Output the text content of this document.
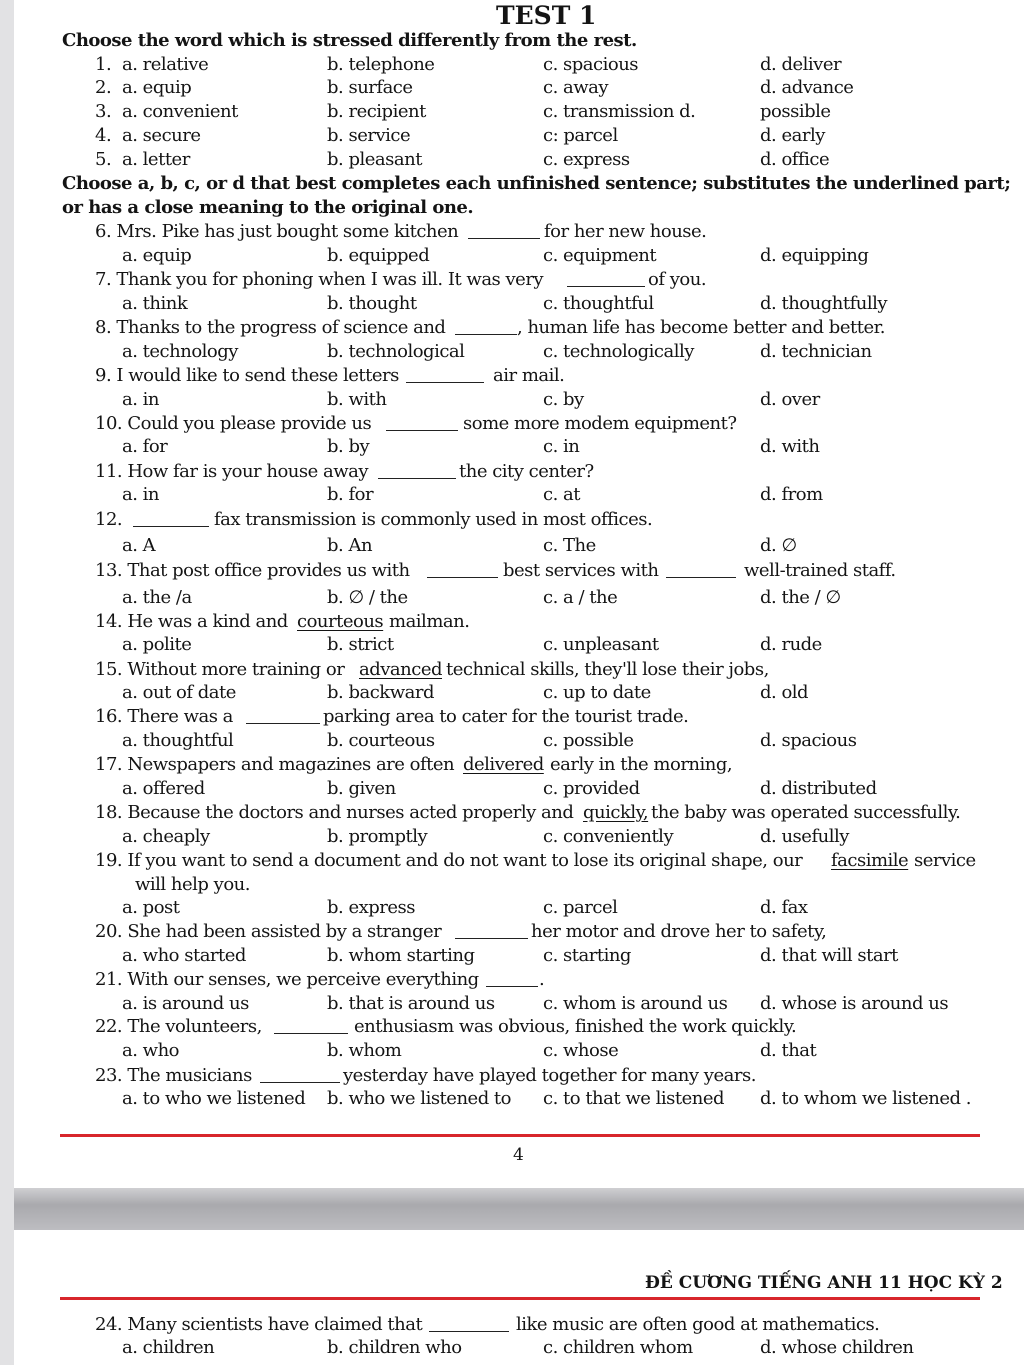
TEST 1
Choose the word which is stressed differently from the rest.
1. a. relative	b. telephone	c. spacious	d. deliver
2. a. equip	b. surface	c. away	d. advance
3. a. convenient	b. recipient	c. transmission d.	possible
4. a. secure	b. service	c: parcel	d. early
5. a. letter	b. pleasant	c. express	d. office
Choose a, b, c, or d that best completes each unfinished sentence; substitutes the underlined part;
or has a close meaning to the original one.
6. Mrs. Pike has just bought some kitchen	for her new house.
a. equip	b. equipped	c. equipment	d. equipping
7. Thank you for phoning when I was ill. It was very	of you.
a. think	b. thought	c. thoughtful	d. thoughtfully
8. Thanks to the progress of science and	, human life has become better and better.
a. technology	b. technological	c. technologically	d. technician
9. I would like to send these letters	air mail.
a. in	b. with	c. by	d. over
10. Could you please provide us	some more modem equipment?
a. for	b. by	c. in	d. with
11. How far is your house away	the city center?
a. in	b. for	c. at	d. from
12.	fax transmission is commonly used in most offices.
a. A	b. An	c. The	d. ∅
13. That post office provides us with	best services with	well-trained staff.
a. the /a	b. ∅ / the	c. a / the	d. the / ∅
14. He was a kind and courteous mailman.
a. polite	b. strict	c. unpleasant	d. rude
15. Without more training or advanced technical skills, they'll lose their jobs,
a. out of date	b. backward	c. up to date	d. old
16. There was a	parking area to cater for the tourist trade.
a. thoughtful	b. courteous	c. possible	d. spacious
17. Newspapers and magazines are often delivered early in the morning,
a. offered	b. given	c. provided	d. distributed
18. Because the doctors and nurses acted properly and quickly, the baby was operated successfully.
a. cheaply	b. promptly	c. conveniently	d. usefully
19. If you want to send a document and do not want to lose its original shape, our facsimile service
will help you.
a. post	b. express	c. parcel	d. fax
20. She had been assisted by a stranger	her motor and drove her to safety,
a. who started	b. whom starting	c. starting	d. that will start
21. With our senses, we perceive everything	.
a. is around us	b. that is around us	c. whom is around us d. whose is around us
22. The volunteers,	enthusiasm was obvious, finished the work quickly.
a. who	b. whom	c. whose	d. that
23. The musicians	yesterday have played together for many years.
a. to who we listened b. who we listened to c. to that we listened d. to whom we listened .
4
ĐỀ CƯƠNG TIẾNG ANH 11 HỌC KỲ 2
24. Many scientists have claimed that	like music are often good at mathematics.
a. children	b. children who	c. children whom	d. whose children
